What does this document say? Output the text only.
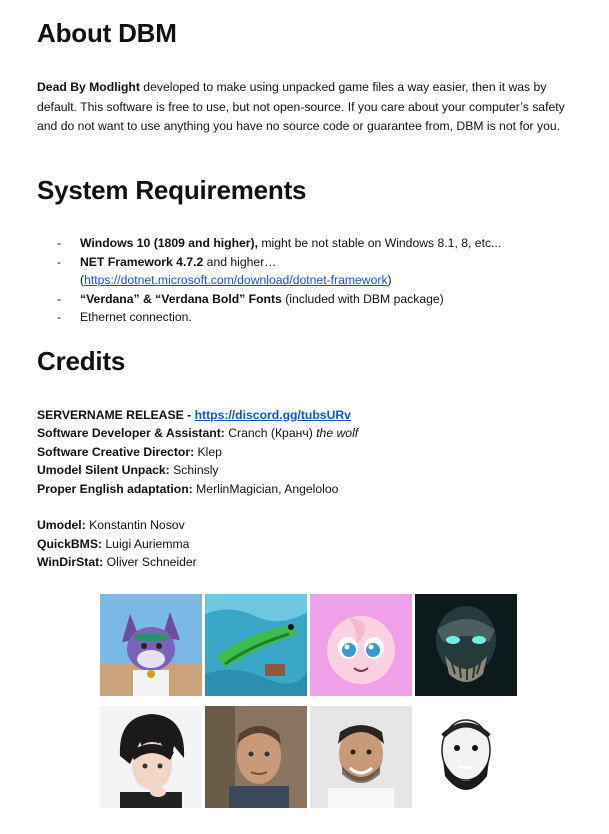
About DBM

Dead By Modlight developed to make using unpacked game files a way easier, then it was by default. This software is free to use, but not open-source. If you care about your computer’s safety and do not want to use anything you have no source code or guarantee from, DBM is not for you.

System Requirements
- Windows 10 (1809 and higher), might be not stable on Windows 8.1, 8, etc...
- NET Framework 4.7.2 and higher…
(https://dotnet.microsoft.com/download/dotnet-framework)
- “Verdana” & “Verdana Bold” Fonts (included with DBM package)
- Ethernet connection.
Credits
SERVERNAME RELEASE - https://discord.gg/tubsURv
Software Developer & Assistant: Cranch (Кранч) the wolf
Software Creative Director: Klep
Umodel Silent Unpack: Schinsly
Proper English adaptation: MerlinMagician, Angeloloo
Umodel: Konstantin Nosov
QuickBMS: Luigi Auriemma
WinDirStat: Oliver Schneider
